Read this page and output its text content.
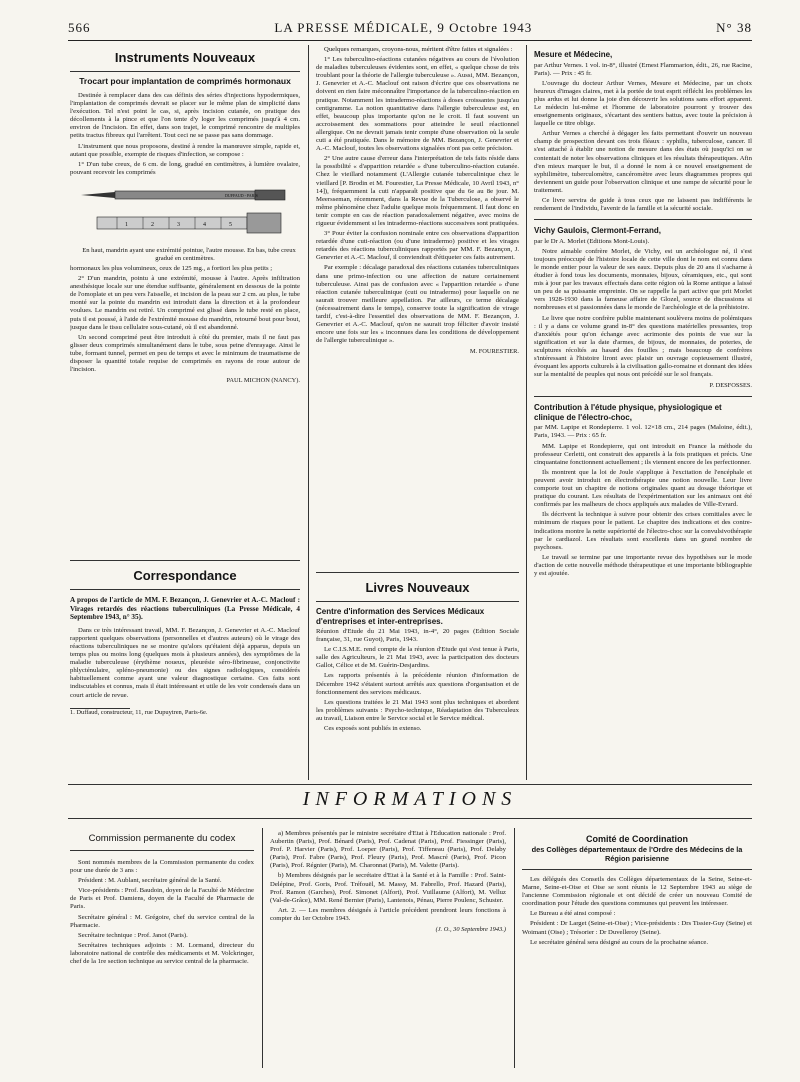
566	LA PRESSE MÉDICALE, 9 Octobre 1943	N° 38
Instruments Nouveaux
Trocart pour implantation de comprimés hormonaux

Destinée à remplacer dans des cas définis des séries d'injections hypodermiques, l'implantation de comprimés devrait se placer sur le même plan de simplicité dans l'exécution. Tel n'est point le cas, si, après incision cutanée, on pratique des décollements à la pince et que l'on tente d'y loger les comprimés jusqu'à 4 cm. environ de l'incision. En effet, dans son trajet, le comprimé rencontre de multiples petits tractus fibreux qui l'arrêtent. Tout ceci ne se passe pas sans dommage.

L'instrument que nous proposons, destiné à rendre la manœuvre simple, rapide et, autant que possible, exempte de risques d'infection, se compose :

1° D'un tube creux, de 6 cm. de long, gradué en centimètres, à lumière ovalaire, pouvant recevoir les comprimés

DUFFAUD - PARIS
1	2	3	4	5

En haut, mandrin ayant une extrémité pointue, l'autre mousse. En bas, tube creux gradué en centimètres.

hormonaux les plus volumineux, ceux de 125 mg., a fortiori les plus petits ;

2° D'un mandrin, pointu à une extrémité, mousse à l'autre. Après infiltration anesthésique locale sur une étendue suffisante, généralement en dessous de la pointe de l'omoplate et un peu vers l'aisselle, et incision de la peau sur 2 cm. au plus, le tube monté sur la pointe du mandrin est introduit dans la direction et à la profondeur voulues. Le mandrin est retiré. Un comprimé est glissé dans le tube resté en place, puis il est poussé, à l'aide de l'extrémité mousse du mandrin, retourné bout pour bout, jusque dans le tissu cellulaire sous-cutané, où il est abandonné.

Un second comprimé peut être introduit à côté du premier, mais il ne faut pas glisser deux comprimés simultanément dans le tube, sous peine d'enrayage. Ainsi le tube, formant tunnel, permet en peu de temps et avec le minimum de traumatisme de disposer la quantité totale requise de comprimés en rayons de roue autour de l'incision.

PAUL MICHON (NANCY).
Correspondance

A propos de l'article de MM. F. Bezançon, J. Genevrier et A.-C. Maclouf : Virages retardés des réactions tuberculiniques (La Presse Médicale, 4 Septembre 1943, n° 35).

Dans ce très intéressant travail, MM. F. Bezançon, J. Genevrier et A.-C. Maclouf rapportent quelques observations (personnelles et d'autres auteurs) où le virage des réactions tuberculiniques ne se montre qu'alors qu'étaient déjà apparus, depuis un temps plus ou moins long (quelques mois à plusieurs années), des symptômes de la maladie tuberculeuse (érythème noueux, pleurésie séro-fibrineuse, conjonctivite phlycténulaire, spléno-pneumonie) ou des signes radiologiques, considérés habituellement comme ayant une valeur diagnostique certaine. Ces faits sont indiscutables et connus, mais il était intéressant et utile de les voir condensés dans un court article de revue.

1. Duffaud, constructeur, 11, rue Dupuytren, Paris-6e.

Quelques remarques, croyons-nous, méritent d'être faites et signalées :

1° Les tuberculino-réactions cutanées négatives au cours de l'évolution de maladies tuberculeuses évidentes sont, en effet, « quelque chose de très troublant pour la théorie de l'allergie tuberculeuse ». Aussi, MM. Bezançon, J. Genevrier et A.-C. Maclouf ont raison d'écrire que ces observations ne doivent en rien faire méconnaître l'importance de la tuberculino-réaction en pratique. Notamment les intradermo-réactions à doses croissantes jusqu'au centigramme. La notion quantitative dans l'allergie tuberculeuse est, en effet, beaucoup plus importante qu'on ne le croit. Il faut souvent un accroissement des sommations pour atteindre le seuil réactionnel allergique. On ne devrait jamais tenir compte d'une observation où la seule cuti a été pratiquée. Dans le mémoire de MM. Bezançon, J. Genevrier et A.-C. Maclouf, toutes les observations signalées n'ont pas cette précision.

2° Une autre cause d'erreur dans l'interprétation de tels faits réside dans la possibilité « d'apparition retardée » d'une tuberculino-réaction cutanée. Chez le vieillard notamment (L'Allergie cutanée tuberculinique chez le vieillard [P. Brodin et M. Fourestier, La Presse Médicale, 10 Avril 1943, n° 14]), fréquemment la cuti n'apparaît positive que du 6e au 8e jour. M. Meersseman, récemment, dans la Revue de la Tuberculose, a observé le même phénomène chez l'adulte quelque mois fréquemment. Il faut donc en tenir compte en cas de réaction paradoxalement négative, avec moins de rigueur évidemment si les intradermo-réactions successives sont pratiquées.

3° Pour éviter la confusion nominale entre ces observations d'apparition retardée d'une cuti-réaction (ou d'une intradermo) positive et les virages retardés des réactions tuberculiniques rapportés par MM. F. Bezançon, J. Genevrier et A.-C. Maclouf, il conviendrait d'étiqueter ces faits autrement.

Par exemple : décalage paradoxal des réactions cutanées tuberculiniques dans une primo-infection ou une affection de nature certainement tuberculeuse. Ainsi pas de confusion avec « l'apparition retardée » d'une réaction cutanée tuberculinique (cuti ou intradermo) pour laquelle on ne saurait trouver meilleure appellation. Par ailleurs, ce terme décalage (nécessairement dans le temps), conserve toute la signification de virage tardif, c'est-à-dire l'essentiel des observations de MM. F. Bezançon, J. Genevrier et A.-C. Maclouf, qu'on ne saurait trop féliciter d'avoir insisté encore une fois sur les « inconnues dans les conditions de développement de l'allergie tuberculinique ».

M. FOURESTIER.
Livres Nouveaux
Centre d'information des Services Médicaux d'entreprises et inter-entreprises.

Réunion d'Etude du 21 Mai 1943, in-4°, 20 pages (Edition Sociale française, 31, rue Guyot), Paris, 1943.

Le C.I.S.M.E. rend compte de la réunion d'Etude qui s'est tenue à Paris, salle des Agriculteurs, le 21 Mai 1943, avec la participation des docteurs Gallot, Célice et de M. Guérin-Desjardins.

Les rapports présentés à la précédente réunion d'information de Décembre 1942 s'étaient surtout arrêtés aux questions d'organisation et de fonctionnement des services médicaux.

Les questions traitées le 21 Mai 1943 sont plus techniques et abordent les problèmes suivants : Psycho-technique, Réadaptation des Tuberculeux au travail, Liaison entre le Service social et le Service médical.

Ces exposés sont publiés in extenso.

Mesure et Médecine,

par Arthur Vernes. 1 vol. in-8°, illustré (Ernest Flammarion, édit., 26, rue Racine, Paris). — Prix : 45 fr.

L'ouvrage du docteur Arthur Vernes, Mesure et Médecine, par un choix heureux d'images claires, met à la portée de tout esprit réfléchi les problèmes les plus ardus et lui donne la joie d'en découvrir les solutions sans effort apparent. Le médecin lui-même et l'homme de laboratoire pourront y trouver des enseignements originaux, s'écartant des sentiers battus, avec toute la précision à laquelle ce titre oblige.

Arthur Vernes a cherché à dégager les faits permettant d'ouvrir un nouveau champ de prospection devant ces trois fléaux : syphilis, tuberculose, cancer. Il s'est attaché à établir une notion de mesure dans des états où jusqu'ici on se contentait de noter les observations cliniques et les résultats thérapeutiques. Afin d'en mieux marquer le but, il a donné le nom à ce nouvel enseignement de syphilimètre, tuberculomètre, cancéromètre avec leurs diagrammes propres qui deviennent un guide pour l'observation clinique et une rampe de sécurité pour le traitement.

Ce livre servira de guide à tous ceux que ne laissent pas indifférents le rendement de l'individu, l'avenir de la famille et la sécurité sociale.

Vichy Gaulois, Clermont-Ferrand,

par le Dr A. Morlet (Editions Mont-Louis).

Notre aimable confrère Morlet, de Vichy, est un archéologue né, il s'est toujours préoccupé de l'histoire locale de cette ville dont le nom est connu dans le monde entier pour la valeur de ses eaux. Depuis plus de 20 ans il s'acharne à étudier à fond tous les documents, monnaies, bijoux, céramiques, etc., qui sont mis à jour par les travaux effectués dans cette région où la Rome antique a laissé un peu de sa puissante empreinte. On se rappelle la part active que prit Morlet vers 1928-1930 dans la fameuse affaire de Glozel, source de discussions si nombreuses et si passionnées dans le monde de l'archéologie et de la préhistoire.

Le livre que notre confrère publie maintenant soulèvera moins de polémiques : il y a dans ce volume grand in-8° des questions matérielles pressantes, trop d'anxiétés pour qu'on échange avec acrimonie des points de vue sur la signification et sur la date d'armes, de bijoux, de monnaies, de poteries, de sculptures récoltés au hasard des fouilles ; mais beaucoup de confrères s'intéressant à l'histoire liront avec plaisir un ouvrage copieusement illustré, évoquant les apports culturels à la civilisation gallo-romaine et donnant des idées sur la mentalité de peuples qui nous ont précédé sur le sol français.

P. DESFOSSES.
Contribution à l'étude physique, physiologique et clinique de l'électro-choc,

par MM. Lapipe et Rondepierre. 1 vol. 12×18 cm., 214 pages (Maloine, édit.), Paris, 1943. — Prix : 65 fr.

MM. Lapipe et Rondepierre, qui ont introduit en France la méthode du professeur Cerletti, ont construit des appareils à la fois pratiques et précis. Une cinquantaine fonctionnent actuellement ; ils viennent encore de les perfectionner.

Ils montrent que la loi de Joule s'applique à l'excitation de l'encéphale et peuvent avoir introduit en électrothérapie une notion nouvelle. Leur livre comporte tout un chapitre de notions originales quant au dosage théorique et pratique du courant. Les résultats de l'expérimentation sur les animaux ont été confirmés par les malheurs de chocs appliqués aux malades de Ville-Evrard.

Ils décrivent la technique à suivre pour obtenir des crises comitiales avec le minimum de risques pour le patient. Le chapitre des indications et des contre-indications montre la nette supériorité de l'électro-choc sur la convulsivothérapie par le cardiazol. Les résultats sont excellents dans un grand nombre de psychoses.

Le travail se termine par une importante revue des hypothèses sur le mode d'action de cette nouvelle méthode thérapeutique et une importante bibliographie y est ajoutée.

INFORMATIONS
Commission permanente du codex

Sont nommés membres de la Commission permanente du codex pour une durée de 3 ans :

Président : M. Aublant, secrétaire général de la Santé.

Vice-présidents : Prof. Baudoin, doyen de la Faculté de Médecine de Paris et Prof. Damiens, doyen de la Faculté de Pharmacie de Paris.

Secrétaire général : M. Grégoire, chef du service central de la Pharmacie.

Secrétaire technique : Prof. Janot (Paris).

Secrétaires techniques adjoints : M. Lormand, directeur du laboratoire national de contrôle des médicaments et M. Volckringer, chef de la 1re section technique au service central de la pharmacie.

a) Membres présentés par le ministre secrétaire d'Etat à l'Education nationale : Prof. Aubertin (Paris), Prof. Bénard (Paris), Prof. Cadenat (Paris), Prof. Fiessinger (Paris), Prof. P. Harvier (Paris), Prof. Loeper (Paris), Prof. Tiffeneau (Paris), Prof. Delaby (Paris), Prof. Fabre (Paris), Prof. Fleury (Paris), Prof. Mascré (Paris), Prof. Picon (Paris), Prof. Régnier (Paris), M. Charonnat (Paris), M. Valette (Paris).

b) Membres désignés par le secrétaire d'Etat à la Santé et à la Famille : Prof. Saint-Delépine, Prof. Goris, Prof. Tréfouël, M. Massy, M. Fabrello, Prof. Hazard (Paris), Prof. Ramon (Garches), Prof. Simonet (Alfort), Prof. Vuillaume (Alfort), M. Velluz (Val-de-Grâce), MM. René Bernier (Paris), Lantenois, Pénau, Pierre Poulenc, Schuster.

Art. 2. — Les membres désignés à l'article précédent prendront leurs fonctions à compter du 1er Octobre 1943.

(J. O., 30 Septembre 1943.)
Comité de Coordination
des Collèges départementaux de l'Ordre des Médecins de la Région parisienne

Les délégués des Conseils des Collèges départementaux de la Seine, Seine-et-Marne, Seine-et-Oise et Oise se sont réunis le 12 Septembre 1943 au siège de l'ancienne Commission régionale et ont décidé de créer un nouveau Comité de coordination pour l'étude des questions communes qui peuvent les intéresser.

Le Bureau a été ainsi composé :

Président : Dr Larget (Seine-et-Oise) ; Vice-présidents : Drs Tissier-Guy (Seine) et Woimant (Oise) ; Trésorier : Dr Duvelleroy (Seine).

Le secrétaire général sera désigné au cours de la prochaine séance.
